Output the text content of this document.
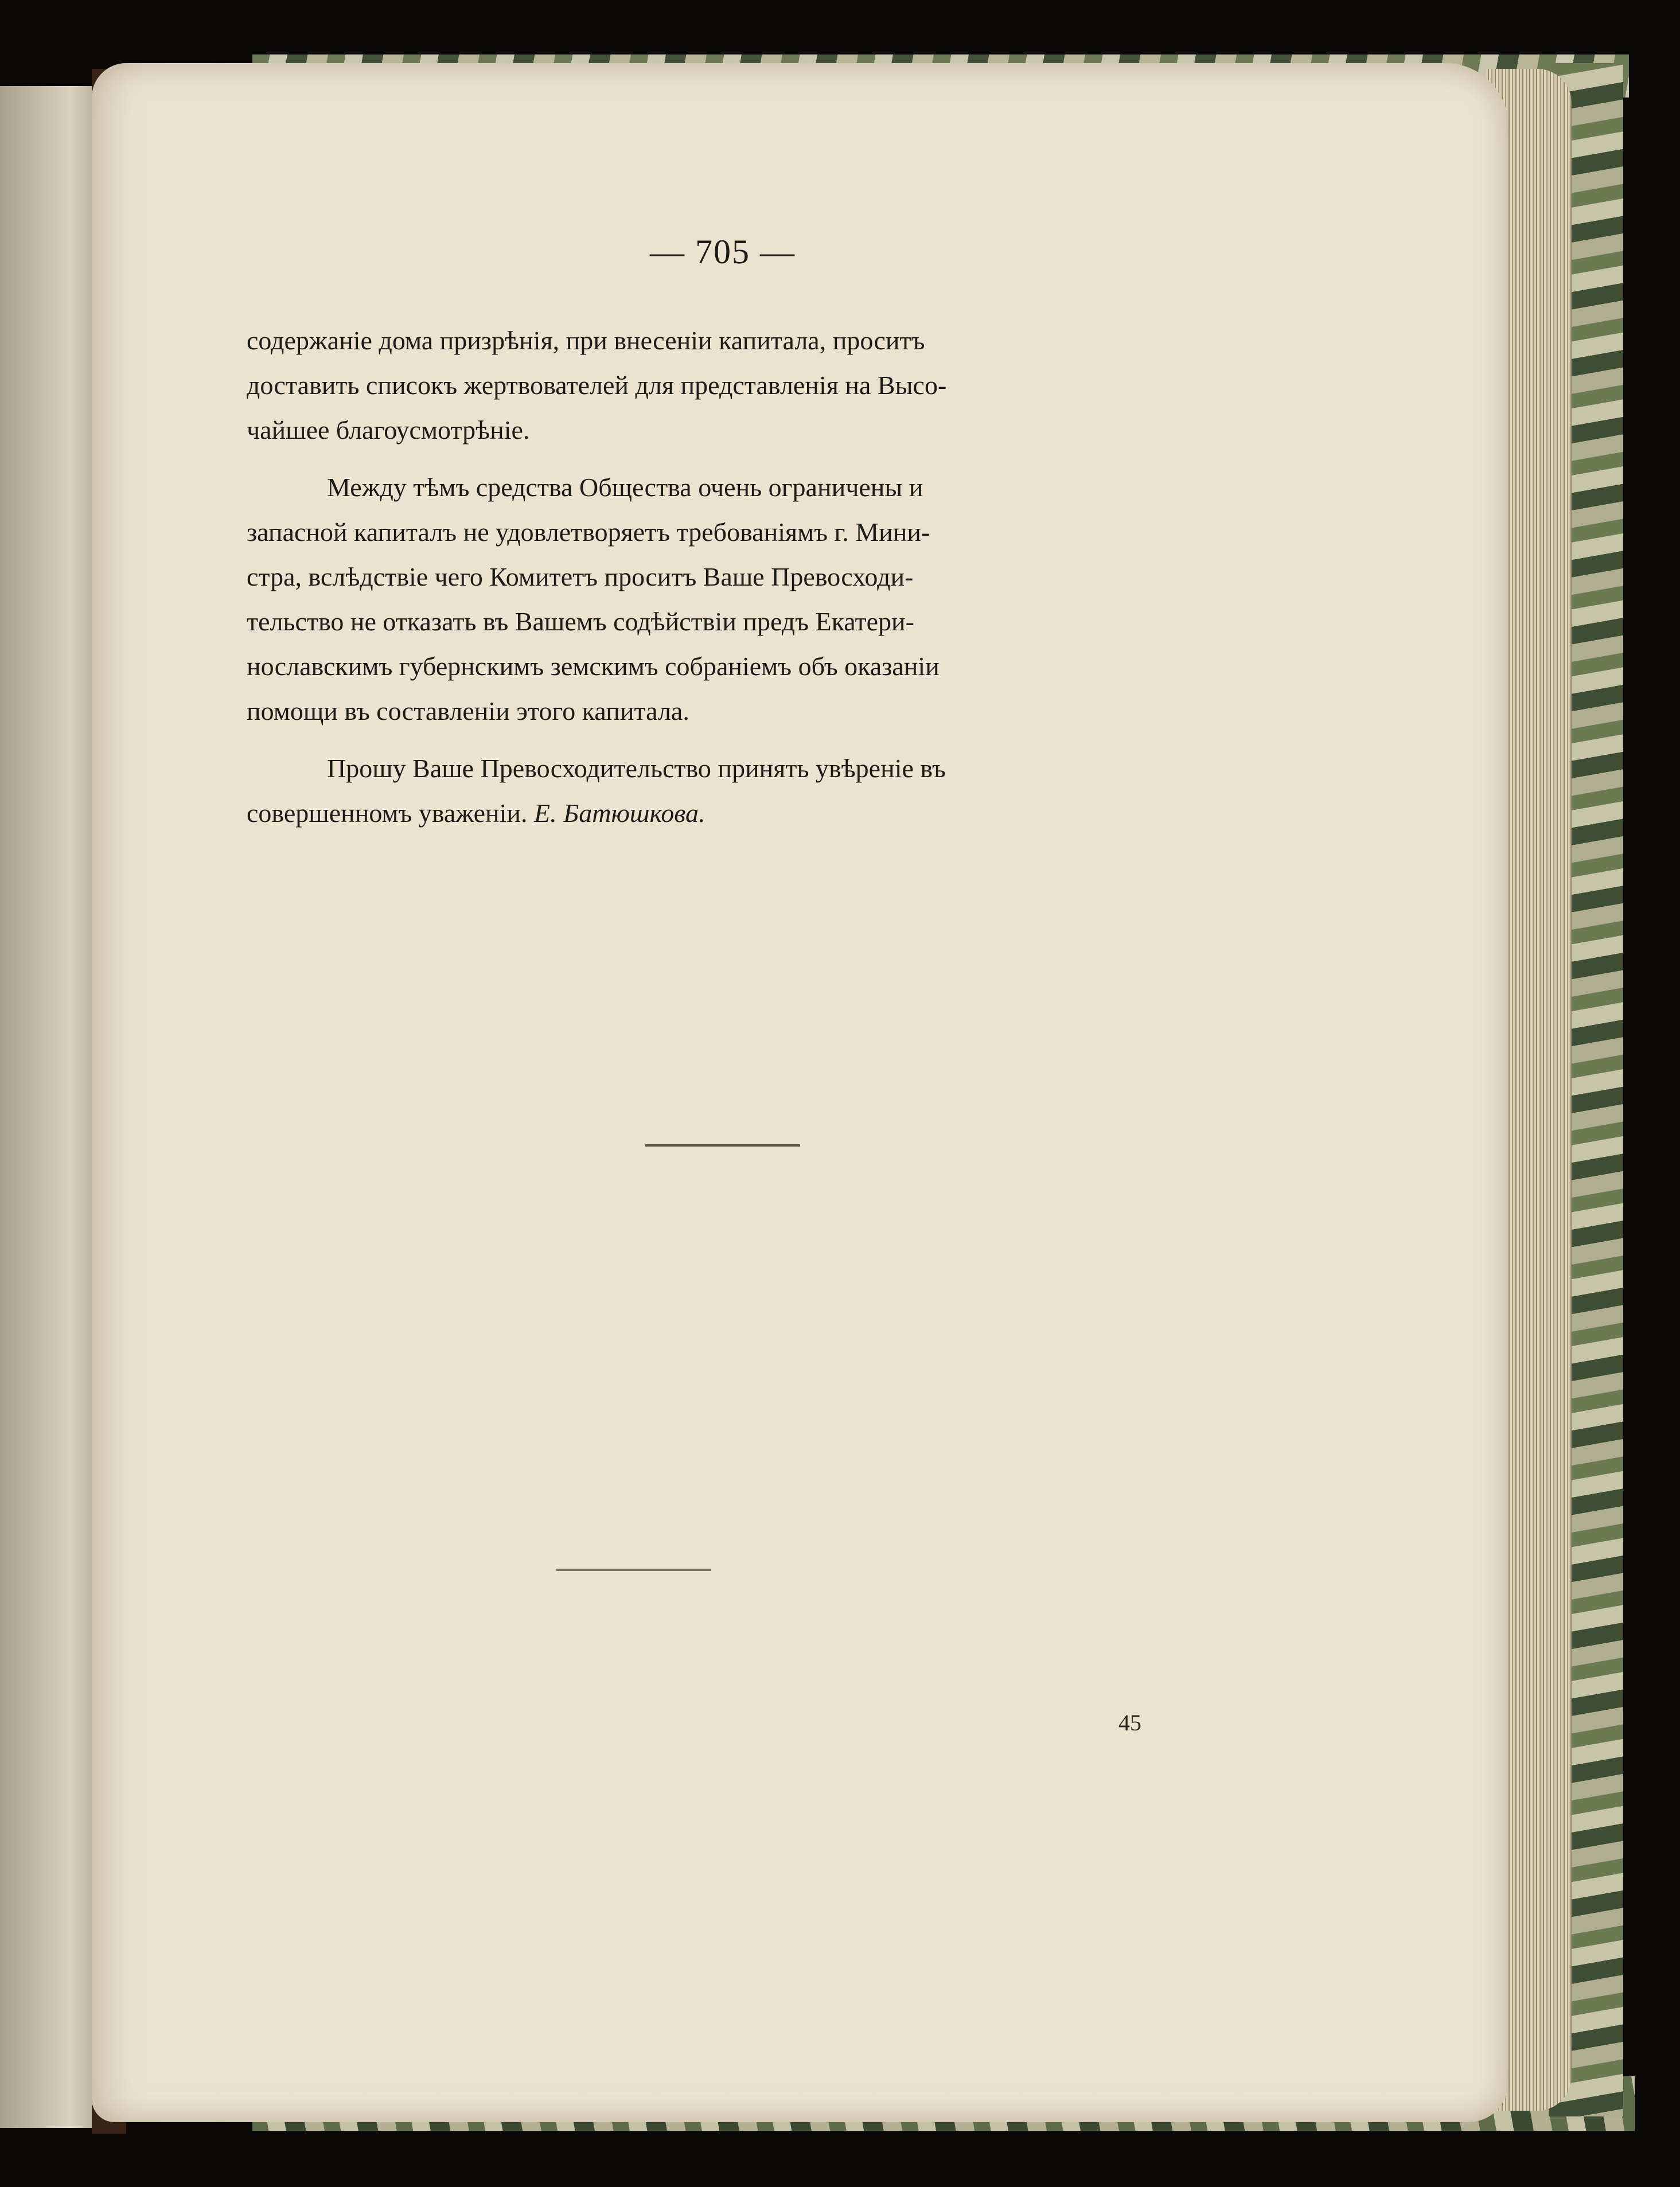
— 705 —

содержанiе дома призрѣнiя, при внесенiи капитала, проситъ
доставить списокъ жертвователей для представленiя на Высо-
чайшее благоусмотрѣнiе.

Между тѣмъ средства Общества очень ограничены и
запасной капиталъ не удовлетворяетъ требованiямъ г. Мини-
стра, вслѣдствiе чего Комитетъ проситъ Ваше Превосходи-
тельство не отказать въ Вашемъ содѣйствiи предъ Екатери-
нославскимъ губернскимъ земскимъ собранiемъ объ оказанiи
помощи въ составленiи этого капитала.

Прошу Ваше Превосходительство принять увѣренiе въ
совершенномъ уваженiи. Е. Батюшкова.

45
